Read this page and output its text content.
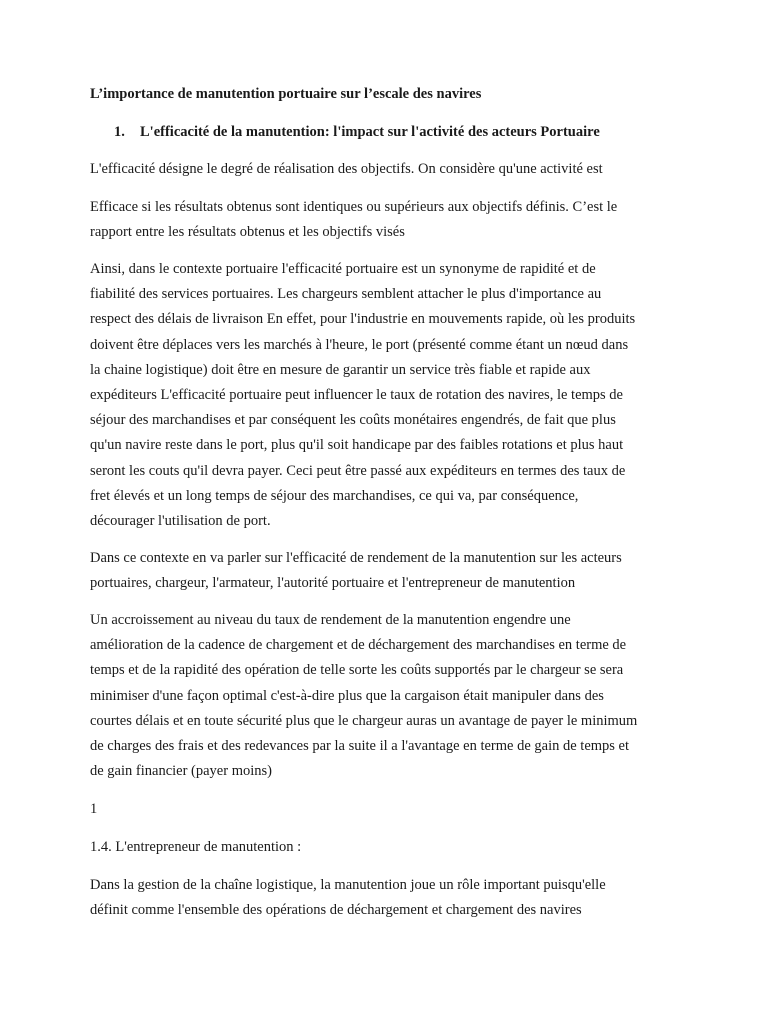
L’importance de manutention portuaire sur l’escale des navires
1. L'efficacité de la manutention: l'impact sur l'activité des acteurs Portuaire

L'efficacité désigne le degré de réalisation des objectifs. On considère qu'une activité est

Efficace si les résultats obtenus sont identiques ou supérieurs aux objectifs définis. C’est le
rapport entre les résultats obtenus et les objectifs visés

Ainsi, dans le contexte portuaire l'efficacité portuaire est un synonyme de rapidité et de
fiabilité des services portuaires. Les chargeurs semblent attacher le plus d'importance au
respect des délais de livraison En effet, pour l'industrie en mouvements rapide, où les produits
doivent être déplaces vers les marchés à l'heure, le port (présenté comme étant un nœud dans
la chaine logistique) doit être en mesure de garantir un service très fiable et rapide aux
expéditeurs L'efficacité portuaire peut influencer le taux de rotation des navires, le temps de
séjour des marchandises et par conséquent les coûts monétaires engendrés, de fait que plus
qu'un navire reste dans le port, plus qu'il soit handicape par des faibles rotations et plus haut
seront les couts qu'il devra payer. Ceci peut être passé aux expéditeurs en termes des taux de
fret élevés et un long temps de séjour des marchandises, ce qui va, par conséquence,
décourager l'utilisation de port.

Dans ce contexte en va parler sur l'efficacité de rendement de la manutention sur les acteurs
portuaires, chargeur, l'armateur, l'autorité portuaire et l'entrepreneur de manutention

Un accroissement au niveau du taux de rendement de la manutention engendre une
amélioration de la cadence de chargement et de déchargement des marchandises en terme de
temps et de la rapidité des opération de telle sorte les coûts supportés par le chargeur se sera
minimiser d'une façon optimal c'est-à-dire plus que la cargaison était manipuler dans des
courtes délais et en toute sécurité plus que le chargeur auras un avantage de payer le minimum
de charges des frais et des redevances par la suite il a l'avantage en terme de gain de temps et
de gain financier (payer moins)

1

1.4. L'entrepreneur de manutention :

Dans la gestion de la chaîne logistique, la manutention joue un rôle important puisqu'elle
définit comme l'ensemble des opérations de déchargement et chargement des navires
